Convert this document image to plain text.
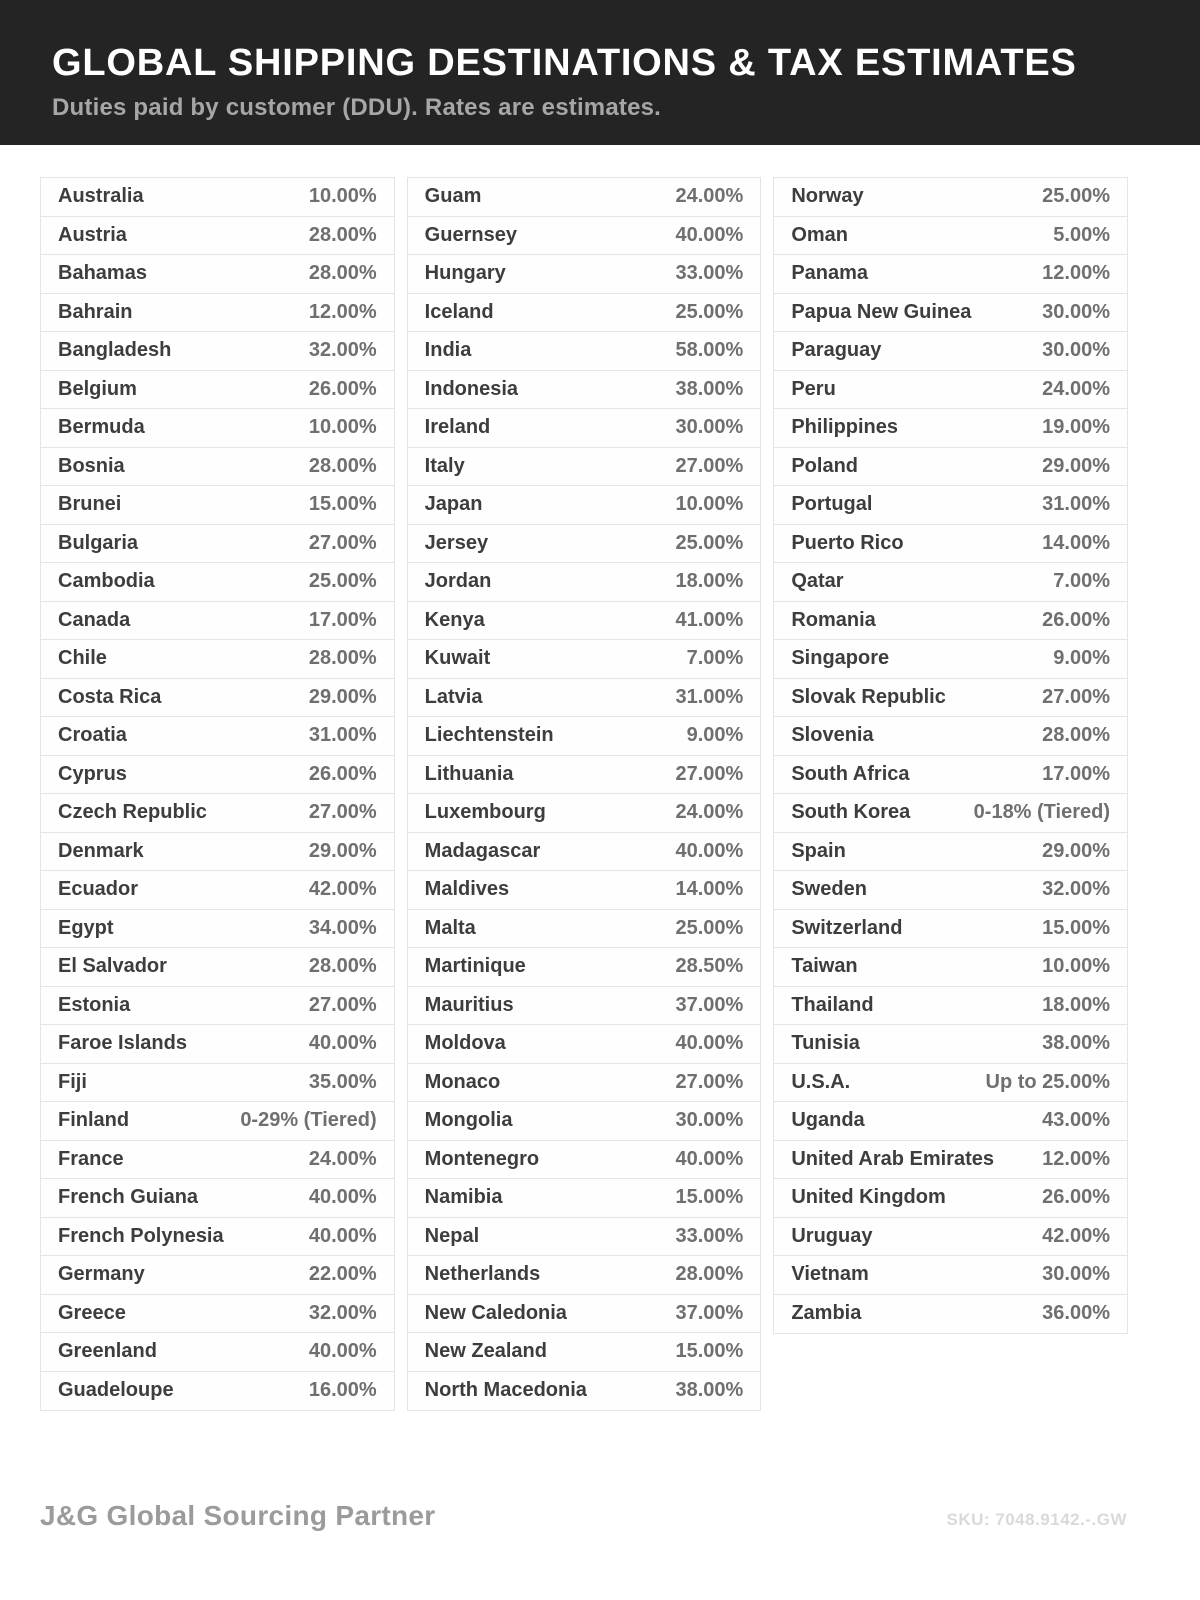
GLOBAL SHIPPING DESTINATIONS & TAX ESTIMATES

Duties paid by customer (DDU). Rates are estimates.

Australia	10.00%
Austria	28.00%
Bahamas	28.00%
Bahrain	12.00%
Bangladesh	32.00%
Belgium	26.00%
Bermuda	10.00%
Bosnia	28.00%
Brunei	15.00%
Bulgaria	27.00%
Cambodia	25.00%
Canada	17.00%
Chile	28.00%
Costa Rica	29.00%
Croatia	31.00%
Cyprus	26.00%
Czech Republic	27.00%
Denmark	29.00%
Ecuador	42.00%
Egypt	34.00%
El Salvador	28.00%
Estonia	27.00%
Faroe Islands	40.00%
Fiji	35.00%
Finland	0-29% (Tiered)
France	24.00%
French Guiana	40.00%
French Polynesia	40.00%
Germany	22.00%
Greece	32.00%
Greenland	40.00%
Guadeloupe	16.00%
Guam	24.00%
Guernsey	40.00%
Hungary	33.00%
Iceland	25.00%
India	58.00%
Indonesia	38.00%
Ireland	30.00%
Italy	27.00%
Japan	10.00%
Jersey	25.00%
Jordan	18.00%
Kenya	41.00%
Kuwait	7.00%
Latvia	31.00%
Liechtenstein	9.00%
Lithuania	27.00%
Luxembourg	24.00%
Madagascar	40.00%
Maldives	14.00%
Malta	25.00%
Martinique	28.50%
Mauritius	37.00%
Moldova	40.00%
Monaco	27.00%
Mongolia	30.00%
Montenegro	40.00%
Namibia	15.00%
Nepal	33.00%
Netherlands	28.00%
New Caledonia	37.00%
New Zealand	15.00%
North Macedonia	38.00%
Norway	25.00%
Oman	5.00%
Panama	12.00%
Papua New Guinea	30.00%
Paraguay	30.00%
Peru	24.00%
Philippines	19.00%
Poland	29.00%
Portugal	31.00%
Puerto Rico	14.00%
Qatar	7.00%
Romania	26.00%
Singapore	9.00%
Slovak Republic	27.00%
Slovenia	28.00%
South Africa	17.00%
South Korea	0-18% (Tiered)
Spain	29.00%
Sweden	32.00%
Switzerland	15.00%
Taiwan	10.00%
Thailand	18.00%
Tunisia	38.00%
U.S.A.	Up to 25.00%
Uganda	43.00%
United Arab Emirates 12.00%
United Kingdom	26.00%
Uruguay	42.00%
Vietnam	30.00%
Zambia	36.00%
J&G Global Sourcing Partner	SKU: 7048.9142.-.GW
